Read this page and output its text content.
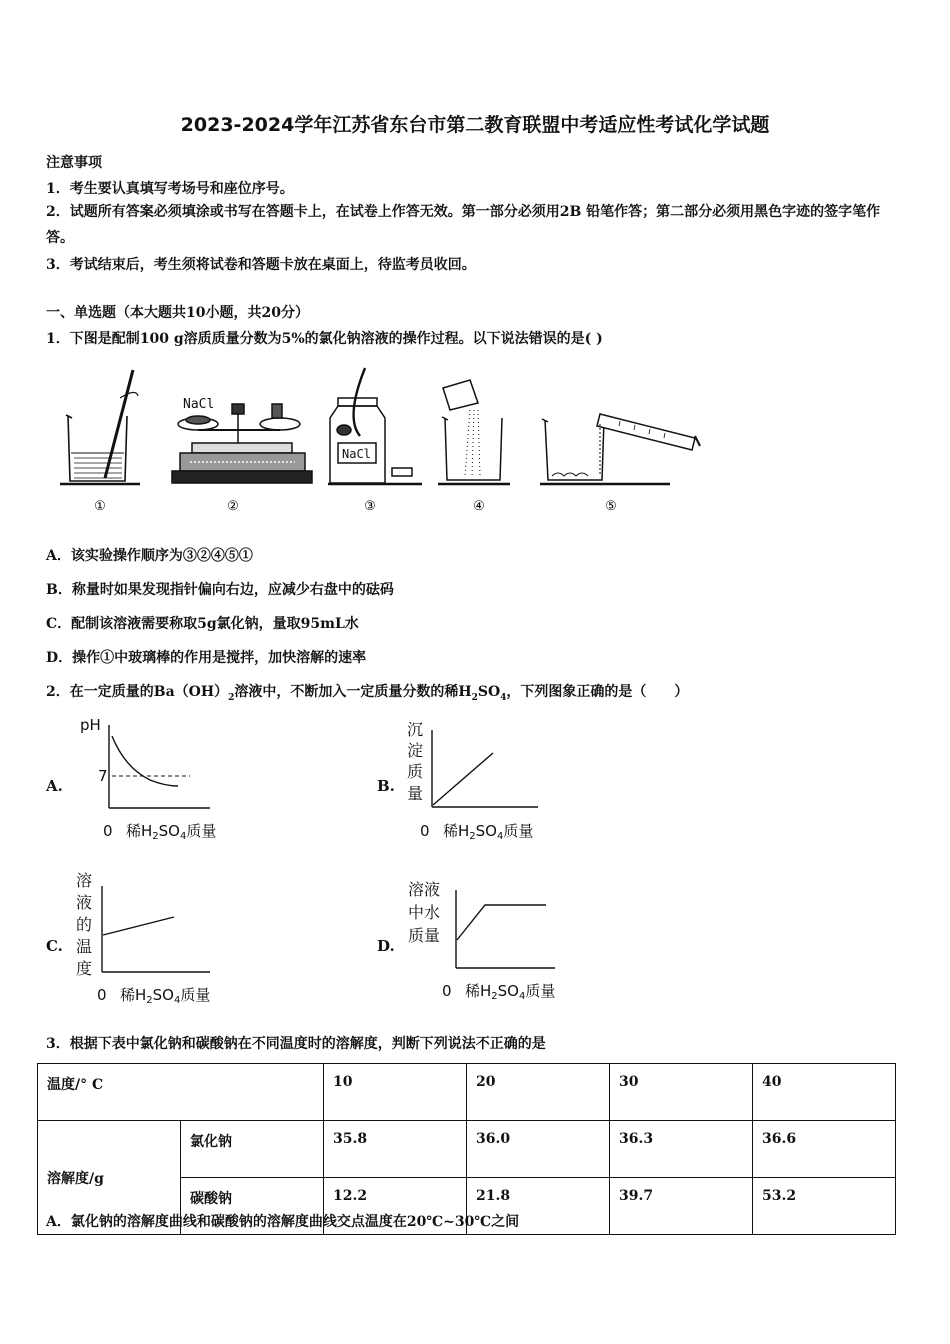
2023-2024学年江苏省东台市第二教育联盟中考适应性考试化学试题
注意事项
1．考生要认真填写考场号和座位序号。
2．试题所有答案必须填涂或书写在答题卡上，在试卷上作答无效。第一部分必须用2B 铅笔作答；第二部分必须用黑色字迹的签字笔作答。
3．考试结束后，考生须将试卷和答题卡放在桌面上，待监考员收回。
一、单选题（本大题共10小题，共20分）
1．下图是配制100 g溶质质量分数为5%的氯化钠溶液的操作过程。以下说法错误的是( )
①
NaCl
②
NaCl
③	④	⑤
A．该实验操作顺序为③②④⑤①
B．称量时如果发现指针偏向右边，应减少右盘中的砝码
C．配制该溶液需要称取5g氯化钠，量取95mL水
D．操作①中玻璃棒的作用是搅拌，加快溶解的速率
2．在一定质量的$Ba(OH)_2$溶液中，不断加入一定质量分数的稀$H_2SO_4$，下列图象正确的是（　　）
A.
pH
7
0 稀$H_2SO_4$质量
B.
沉
淀
质
量
0 稀$H_2SO_4$质量
C.
溶
液
的
温
度
0 稀$H_2SO_4$质量
D.
溶液
中水
质量
0 稀$H_2SO_4$质量
3．根据下表中氯化钠和碳酸钠在不同温度时的溶解度，判断下列说法不正确的是
温度/° C		10	20	30	40
溶解度/g	氯化钠	35.8	36.0	36.3	36.6
	碳酸钠	12.2	21.8	39.7	53.2
A．氯化钠的溶解度曲线和碳酸钠的溶解度曲线交点温度在20℃~30℃之间
